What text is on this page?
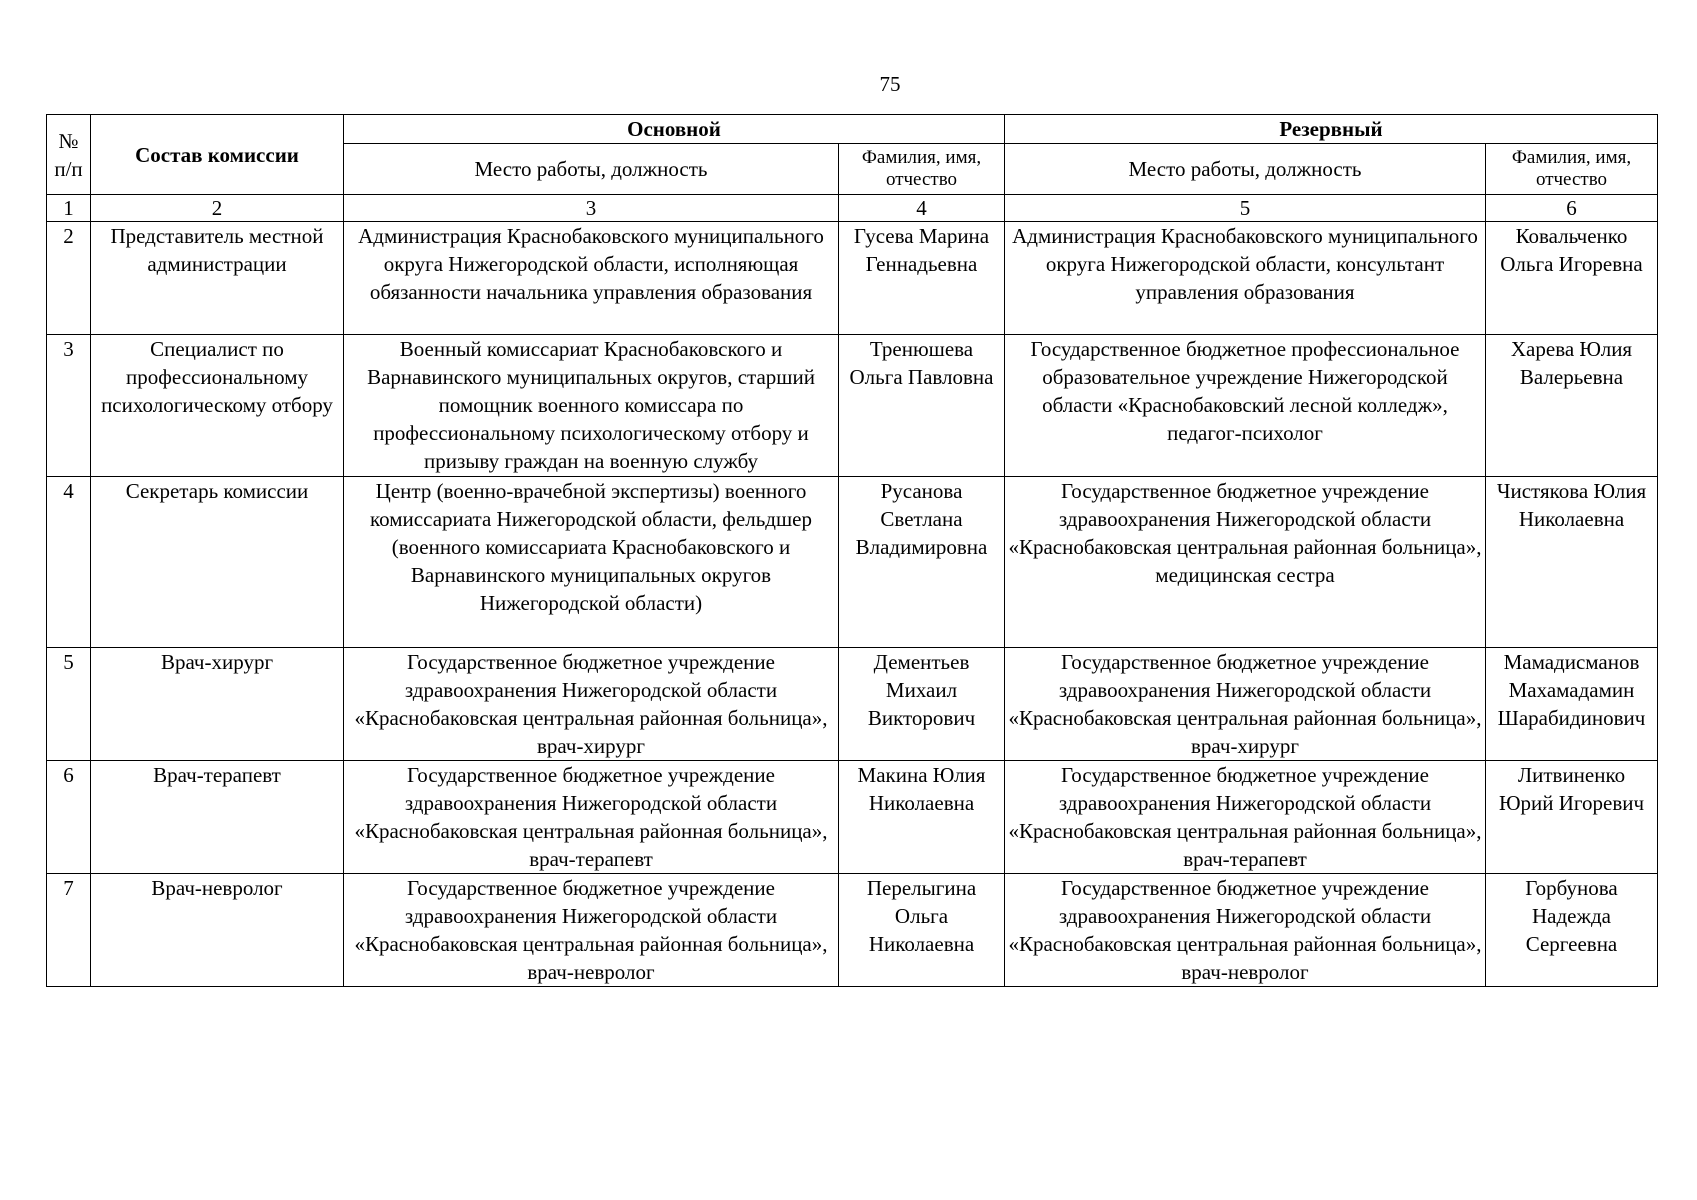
75
№ п/п	Состав комиссии	Основной		Резервный	
		Место работы, должность	Фамилия, имя, отчество	Место работы, должность	Фамилия, имя, отчество
1	2	3	4	5	6
2	Представитель местной администрации	Администрация Краснобаковского муниципального округа Нижегородской области, исполняющая обязанности начальника управления образования	Гусева Марина Геннадьевна	Администрация Краснобаковского муниципального округа Нижегородской области, консультант управления образования	Ковальченко Ольга Игоревна
3	Специалист по профессиональному психологическому отбору	Военный комиссариат Краснобаковского и Варнавинского муниципальных округов, старший помощник военного комиссара по профессиональному психологическому отбору и призыву граждан на военную службу	Тренюшева Ольга Павловна	Государственное бюджетное профессиональное образовательное учреждение Нижегородской области «Краснобаковский лесной колледж», педагог-психолог	Харева Юлия Валерьевна
4	Секретарь комиссии	Центр (военно-врачебной экспертизы) военного комиссариата Нижегородской области, фельдшер (военного комиссариата Краснобаковского и Варнавинского муниципальных округов Нижегородской области)	Русанова Светлана Владимировна	Государственное бюджетное учреждение здравоохранения Нижегородской области «Краснобаковская центральная районная больница», медицинская сестра	Чистякова Юлия Николаевна
5	Врач-хирург	Государственное бюджетное учреждение здравоохранения Нижегородской области «Краснобаковская центральная районная больница», врач-хирург	Дементьев Михаил Викторович	Государственное бюджетное учреждение здравоохранения Нижегородской области «Краснобаковская центральная районная больница», врач-хирург	Мамадисманов Махамадамин Шарабидинович
6	Врач-терапевт	Государственное бюджетное учреждение здравоохранения Нижегородской области «Краснобаковская центральная районная больница», врач-терапевт	Макина Юлия Николаевна	Государственное бюджетное учреждение здравоохранения Нижегородской области «Краснобаковская центральная районная больница», врач-терапевт	Литвиненко Юрий Игоревич
7	Врач-невролог	Государственное бюджетное учреждение здравоохранения Нижегородской области «Краснобаковская центральная районная больница», врач-невролог	Перелыгина Ольга Николаевна	Государственное бюджетное учреждение здравоохранения Нижегородской области «Краснобаковская центральная районная больница», врач-невролог	Горбунова Надежда Сергеевна
